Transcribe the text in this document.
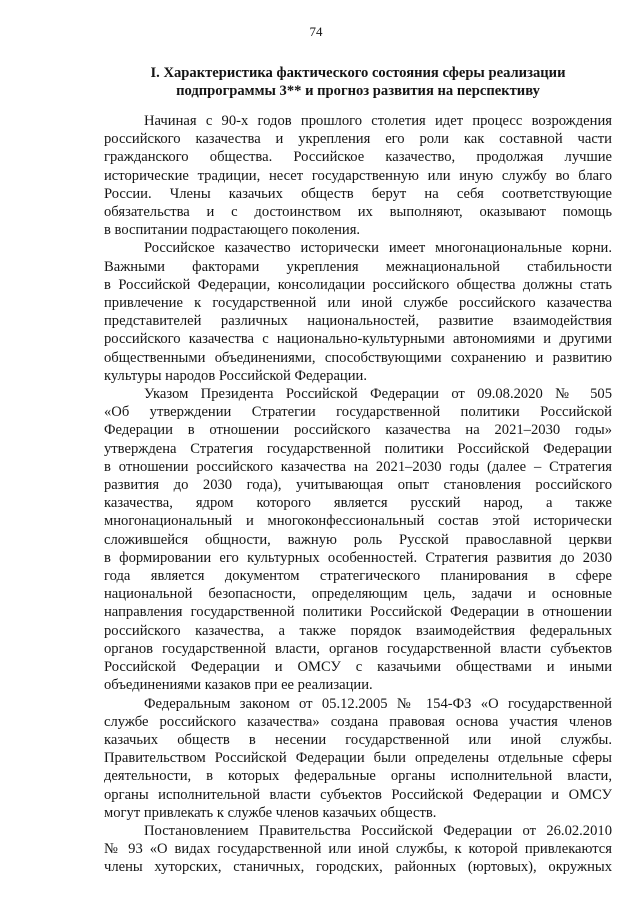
74
I. Характеристика фактического состояния сферы реализации
подпрограммы 3** и прогноз развития на перспективу
Начиная с 90-х годов прошлого столетия идет процесс возрождения
российского казачества и укрепления его роли как составной части
гражданского общества. Российское казачество, продолжая лучшие
исторические традиции, несет государственную или иную службу во благо
России. Члены казачьих обществ берут на себя соответствующие
обязательства и с достоинством их выполняют, оказывают помощь
в воспитании подрастающего поколения.
Российское казачество исторически имеет многонациональные корни.
Важными факторами укрепления межнациональной стабильности
в Российской Федерации, консолидации российского общества должны стать
привлечение к государственной или иной службе российского казачества
представителей различных национальностей, развитие взаимодействия
российского казачества с национально-культурными автономиями и другими
общественными объединениями, способствующими сохранению и развитию
культуры народов Российской Федерации.
Указом Президента Российской Федерации от 09.08.2020 № 505
«Об утверждении Стратегии государственной политики Российской
Федерации в отношении российского казачества на 2021–2030 годы»
утверждена Стратегия государственной политики Российской Федерации
в отношении российского казачества на 2021–2030 годы (далее – Стратегия
развития до 2030 года), учитывающая опыт становления российского
казачества, ядром которого является русский народ, а также
многонациональный и многоконфессиональный состав этой исторически
сложившейся общности, важную роль Русской православной церкви
в формировании его культурных особенностей. Стратегия развития до 2030
года является документом стратегического планирования в сфере
национальной безопасности, определяющим цель, задачи и основные
направления государственной политики Российской Федерации в отношении
российского казачества, а также порядок взаимодействия федеральных
органов государственной власти, органов государственной власти субъектов
Российской Федерации и ОМСУ с казачьими обществами и иными
объединениями казаков при ее реализации.
Федеральным законом от 05.12.2005 № 154-ФЗ «О государственной
службе российского казачества» создана правовая основа участия членов
казачьих обществ в несении государственной или иной службы.
Правительством Российской Федерации были определены отдельные сферы
деятельности, в которых федеральные органы исполнительной власти,
органы исполнительной власти субъектов Российской Федерации и ОМСУ
могут привлекать к службе членов казачьих обществ.
Постановлением Правительства Российской Федерации от 26.02.2010
№ 93 «О видах государственной или иной службы, к которой привлекаются
члены хуторских, станичных, городских, районных (юртовых), окружных
